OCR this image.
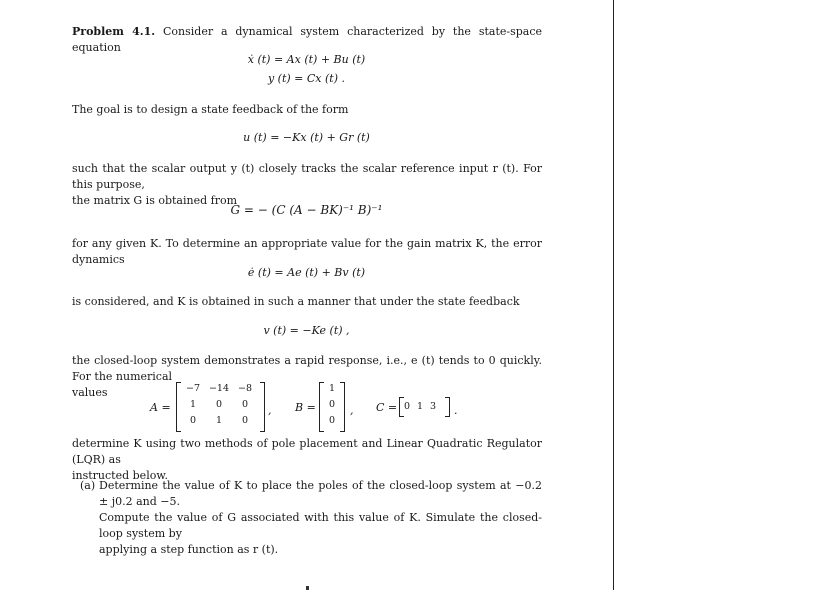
Problem 4.1. Consider a dynamical system characterized by the state-space equation
ẋ (t) = Ax (t) + Bu (t)
y (t) = Cx (t) .
The goal is to design a state feedback of the form
u (t) = −Kx (t) + Gr (t)
such that the scalar output y (t) closely tracks the scalar reference input r (t). For this purpose,
the matrix G is obtained from
G = − (C (A − BK)⁻¹ B)⁻¹
for any given K. To determine an appropriate value for the gain matrix K, the error dynamics
ė (t) = Ae (t) + Bv (t)
is considered, and K is obtained in such a manner that under the state feedback
v (t) = −Ke (t) ,
the closed-loop system demonstrates a rapid response, i.e., e (t) tends to 0 quickly. For the numerical
values
A =
−7 −14 −8
1	0	0
0	1	0
, B =
1
0
0
, C = 0 1 3	.
determine K using two methods of pole placement and Linear Quadratic Regulator (LQR) as
instructed below.
(a) Determine the value of K to place the poles of the closed-loop system at −0.2 ± j0.2 and −5.
Compute the value of G associated with this value of K. Simulate the closed-loop system by
applying a step function as r (t).
